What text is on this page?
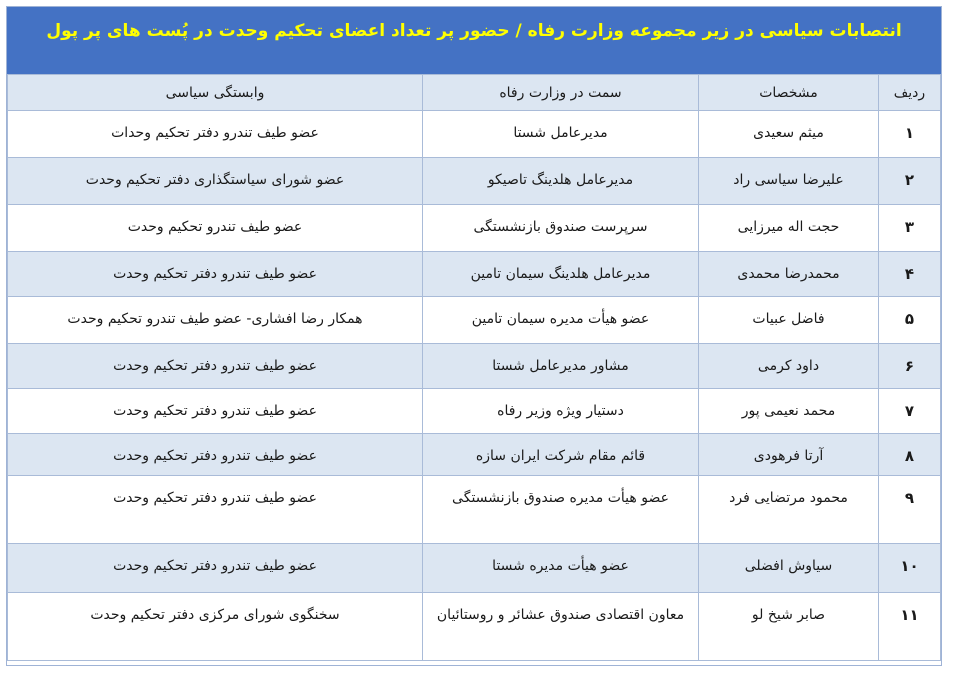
انتصابات سیاسی در زیر مجموعه وزارت رفاه / حضور پر تعداد اعضای تحکیم وحدت در پُست های پر پول
ردیف	مشخصات	سمت در وزارت رفاه	وابستگی سیاسی
۱	میثم سعیدی	مدیرعامل شستا	عضو طیف تندرو دفتر تحکیم وحدات
۲	علیرضا سیاسی راد	مدیرعامل هلدینگ تاصیکو	عضو شورای سیاستگذاری دفتر تحکیم وحدت
۳	حجت اله میرزایی	سرپرست صندوق بازنشستگی	عضو طیف تندرو تحکیم وحدت
۴	محمدرضا محمدی	مدیرعامل هلدینگ سیمان تامین	عضو طیف تندرو دفتر تحکیم وحدت
۵	فاضل عبیات	عضو هیأت مدیره سیمان تامین	همکار رضا افشاری- عضو طیف تندرو تحکیم وحدت
۶	داود کرمی	مشاور مدیرعامل شستا	عضو طیف تندرو دفتر تحکیم وحدت
۷	محمد نعیمی پور	دستیار ویژه وزیر رفاه	عضو طیف تندرو دفتر تحکیم وحدت
۸	آرتا فرهودی	قائم مقام شرکت ایران سازه	عضو طیف تندرو دفتر تحکیم وحدت
۹	محمود مرتضایی فرد	عضو هیأت مدیره صندوق بازنشستگی	عضو طیف تندرو دفتر تحکیم وحدت
۱۰	سیاوش افضلی	عضو هیأت مدیره شستا	عضو طیف تندرو دفتر تحکیم وحدت
۱۱	صابر شیخ لو	معاون اقتصادی صندوق عشائر و روستائیان	سخنگوی شورای مرکزی دفتر تحکیم وحدت
